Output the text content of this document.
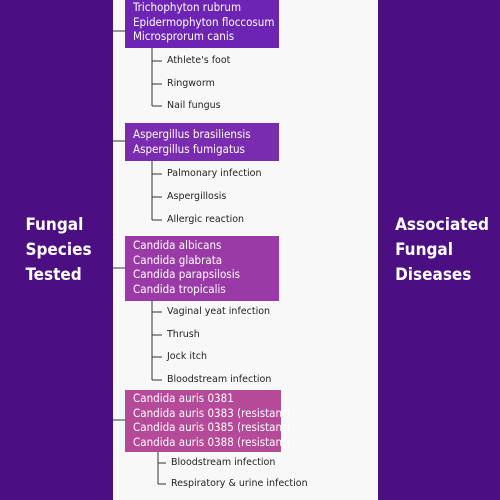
Fungal
Species
Tested
Associated
Fungal
Diseases
Trichophyton rubrum
Epidermophyton floccosum
Microsprorum canis
Athlete's foot
Ringworm
Nail fungus
Aspergillus brasiliensis
Aspergillus fumigatus
Palmonary infection
Aspergillosis
Allergic reaction
Candida albicans
Candida glabrata
Candida parapsilosis
Candida tropicalis
Vaginal yeat infection
Thrush
Jock itch
Bloodstream infection
Candida auris 0381
Candida auris 0383 (resistant)
Candida auris 0385 (resistant)
Candida auris 0388 (resistant)
Bloodstream infection
Respiratory & urine infection
